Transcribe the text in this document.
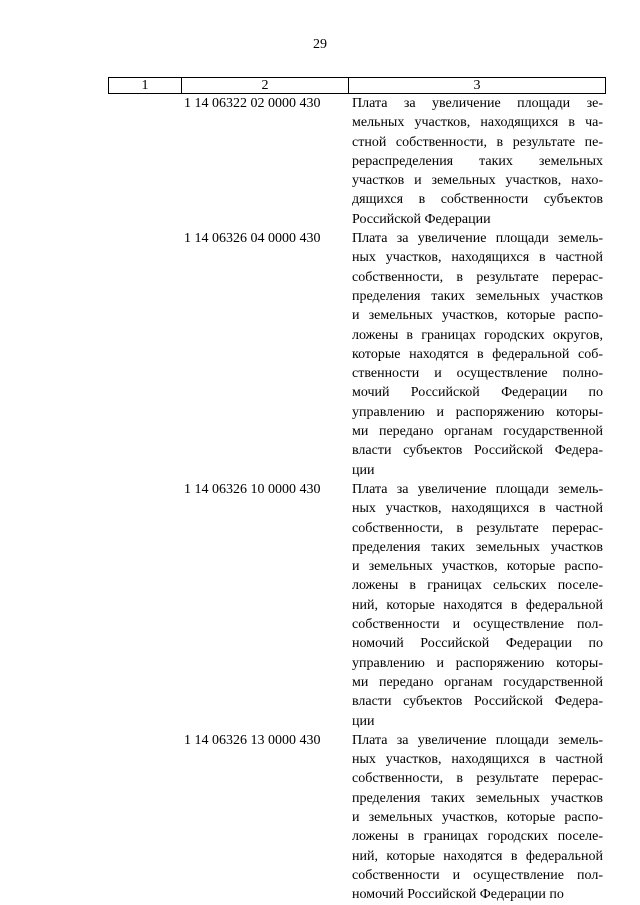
29
1	2	3
1 14 06322 02 0000 430	Плата за увеличение площади зе-
мельных участков, находящихся в ча-
стной собственности, в результате пе-
рераспределения таких земельных
участков и земельных участков, нахо-
дящихся в собственности субъектов
Российской Федерации
1 14 06326 04 0000 430	Плата за увеличение площади земель-
ных участков, находящихся в частной
собственности, в результате перерас-
пределения таких земельных участков
и земельных участков, которые распо-
ложены в границах городских округов,
которые находятся в федеральной соб-
ственности и осуществление полно-
мочий Российской Федерации по
управлению и распоряжению которы-
ми передано органам государственной
власти субъектов Российской Федера-
ции
1 14 06326 10 0000 430	Плата за увеличение площади земель-
ных участков, находящихся в частной
собственности, в результате перерас-
пределения таких земельных участков
и земельных участков, которые распо-
ложены в границах сельских поселе-
ний, которые находятся в федеральной
собственности и осуществление пол-
номочий Российской Федерации по
управлению и распоряжению которы-
ми передано органам государственной
власти субъектов Российской Федера-
ции
1 14 06326 13 0000 430	Плата за увеличение площади земель-
ных участков, находящихся в частной
собственности, в результате перерас-
пределения таких земельных участков
и земельных участков, которые распо-
ложены в границах городских поселе-
ний, которые находятся в федеральной
собственности и осуществление пол-
номочий Российской Федерации по
